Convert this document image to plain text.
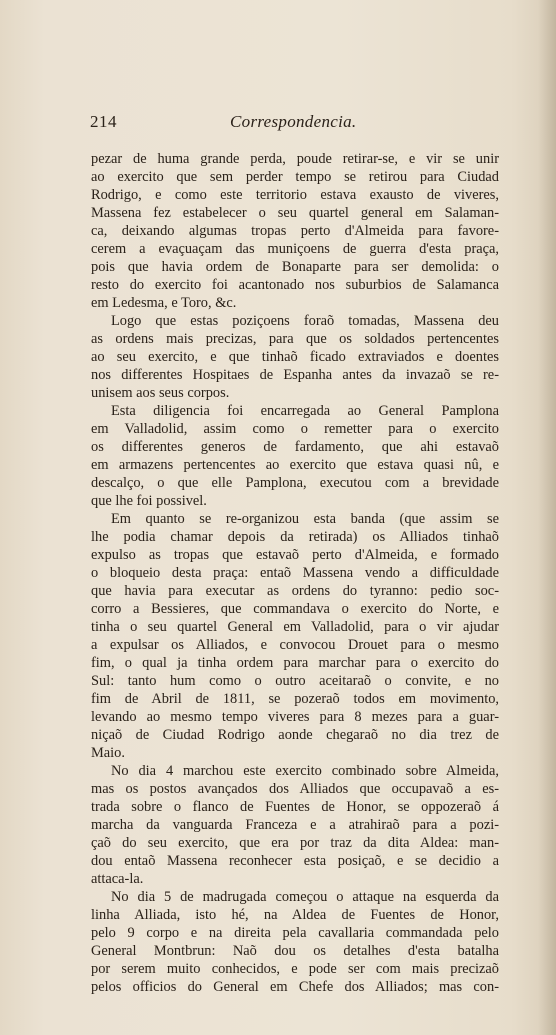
214	Correspondencia.
pezar de huma grande perda, poude retirar-se, e vir se unir
ao exercito que sem perder tempo se retirou para Ciudad
Rodrigo, e como este territorio estava exausto de viveres,
Massena fez estabelecer o seu quartel general em Salaman-
ca, deixando algumas tropas perto d'Almeida para favore-
cerem a evaçuaçam das muniçoens de guerra d'esta praça,
pois que havia ordem de Bonaparte para ser demolida: o
resto do exercito foi acantonado nos suburbios de Salamanca
em Ledesma, e Toro, &c.
Logo que estas poziçoens foraõ tomadas, Massena deu
as ordens mais precizas, para que os soldados pertencentes
ao seu exercito, e que tinhaõ ficado extraviados e doentes
nos differentes Hospitaes de Espanha antes da invazaõ se re-
unisem aos seus corpos.
Esta diligencia foi encarregada ao General Pamplona
em Valladolid, assim como o remetter para o exercito
os differentes generos de fardamento, que ahi estavaõ
em armazens pertencentes ao exercito que estava quasi nû, e
descalço, o que elle Pamplona, executou com a brevidade
que lhe foi possivel.
Em quanto se re-organizou esta banda (que assim se
lhe podia chamar depois da retirada) os Alliados tinhaõ
expulso as tropas que estavaõ perto d'Almeida, e formado
o bloqueio desta praça: entaõ Massena vendo a difficuldade
que havia para executar as ordens do tyranno: pedio soc-
corro a Bessieres, que commandava o exercito do Norte, e
tinha o seu quartel General em Valladolid, para o vir ajudar
a expulsar os Alliados, e convocou Drouet para o mesmo
fim, o qual ja tinha ordem para marchar para o exercito do
Sul: tanto hum como o outro aceitaraõ o convite, e no
fim de Abril de 1811, se pozeraõ todos em movimento,
levando ao mesmo tempo viveres para 8 mezes para a guar-
niçaõ de Ciudad Rodrigo aonde chegaraõ no dia trez de
Maio.
No dia 4 marchou este exercito combinado sobre Almeida,
mas os postos avançados dos Alliados que occupavaõ a es-
trada sobre o flanco de Fuentes de Honor, se oppozeraõ á
marcha da vanguarda Franceza e a atrahiraõ para a pozi-
çaõ do seu exercito, que era por traz da dita Aldea: man-
dou entaõ Massena reconhecer esta posiçaõ, e se decidio a
attaca-la.
No dia 5 de madrugada começou o attaque na esquerda da
linha Alliada, isto hé, na Aldea de Fuentes de Honor,
pelo 9 corpo e na direita pela cavallaria commandada pelo
General Montbrun: Naõ dou os detalhes d'esta batalha
por serem muito conhecidos, e pode ser com mais precizaõ
pelos officios do General em Chefe dos Alliados; mas con-
